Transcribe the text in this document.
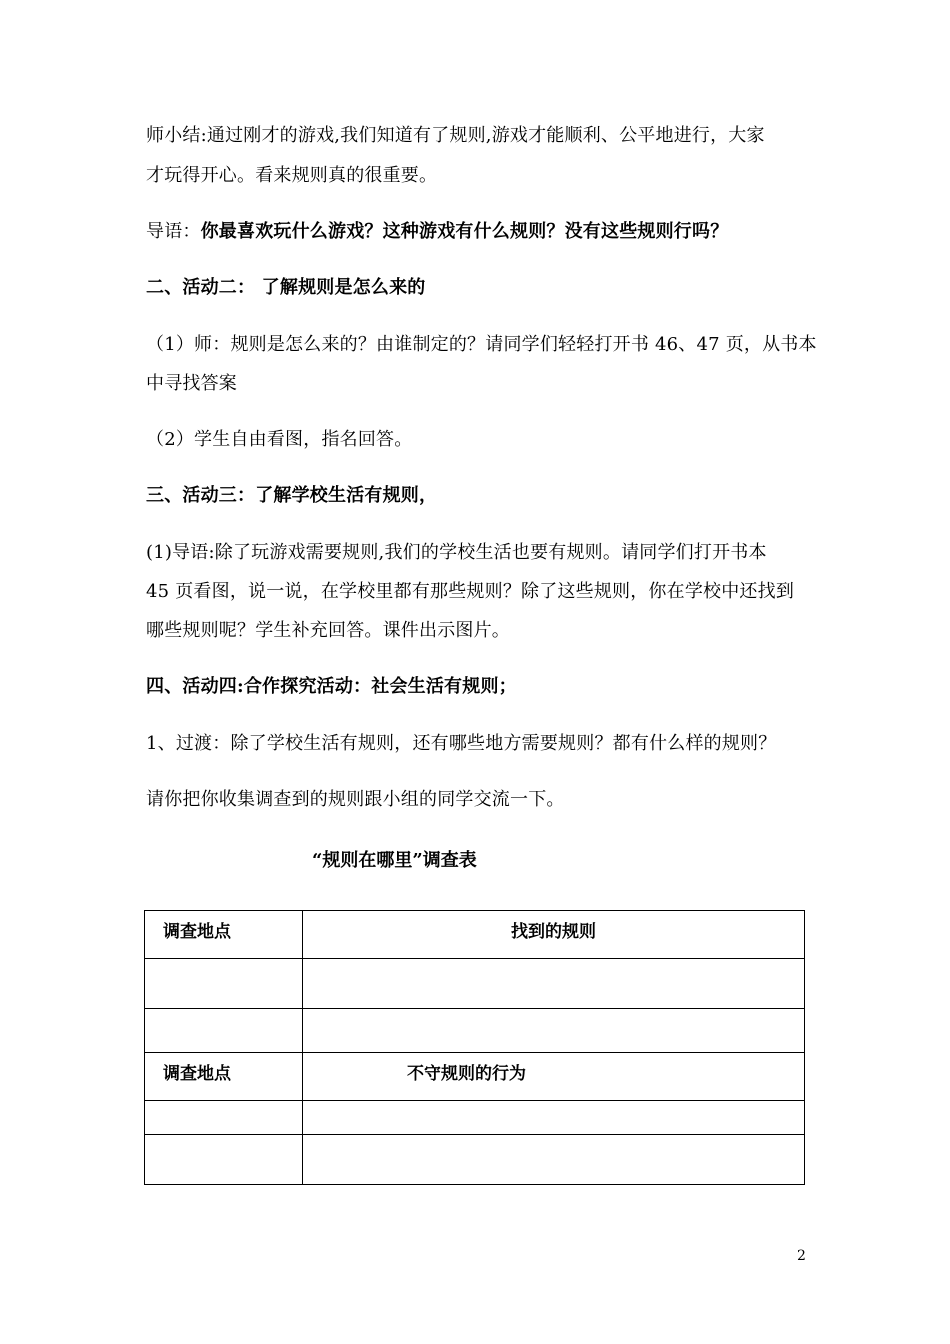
师小结:通过刚才的游戏,我们知道有了规则,游戏才能顺利、公平地进行，大家
才玩得开心。看来规则真的很重要。
导语：你最喜欢玩什么游戏？这种游戏有什么规则？没有这些规则行吗？
二、活动二： 了解规则是怎么来的
（1）师：规则是怎么来的？由谁制定的？请同学们轻轻打开书 46、47 页，从书本
中寻找答案
（2）学生自由看图，指名回答。
三、活动三：了解学校生活有规则，
(1)导语:除了玩游戏需要规则,我们的学校生活也要有规则。请同学们打开书本
45 页看图，说一说，在学校里都有那些规则？除了这些规则，你在学校中还找到
哪些规则呢？学生补充回答。课件出示图片。
四、活动四:合作探究活动：社会生活有规则；
1、过渡：除了学校生活有规则，还有哪些地方需要规则？都有什么样的规则？
请你把你收集调查到的规则跟小组的同学交流一下。
“规则在哪里”调查表
调查地点	找到的规则

调查地点	不守规则的行为

2
